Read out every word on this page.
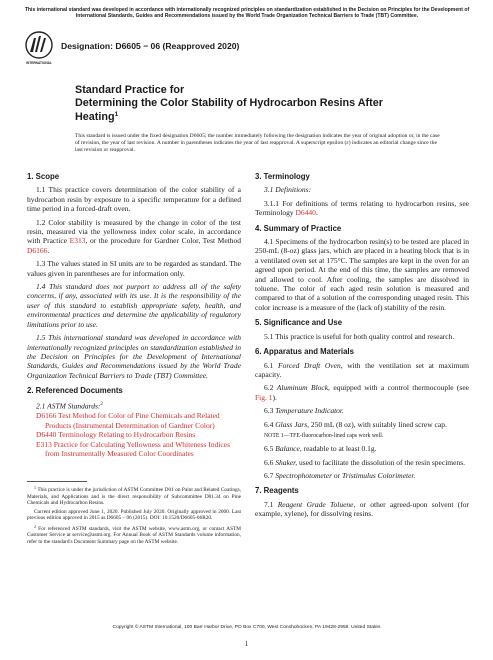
This international standard was developed in accordance with internationally recognized principles on standardization established in the Decision on Principles for the Development of International Standards, Guides and Recommendations issued by the World Trade Organization Technical Barriers to Trade (TBT) Committee.
INTERNATIONAL
Designation: D6605 − 06 (Reapproved 2020)
Standard Practice for
Determining the Color Stability of Hydrocarbon Resins After
Heating$^1$
This standard is issued under the fixed designation D6605; the number immediately following the designation indicates the year of original adoption or, in the case of revision, the year of last revision. A number in parentheses indicates the year of last reapproval. A superscript epsilon (ε) indicates an editorial change since the last revision or reapproval.
1. Scope
1.1 This practice covers determination of the color stability of a hydrocarbon resin by exposure to a specific temperature for a defined time period in a forced-draft oven.
1.2 Color stability is measured by the change in color of the test resin, measured via the yellowness index color scale, in accordance with Practice E313, or the procedure for Gardner Color, Test Method D6166.
1.3 The values stated in SI units are to be regarded as standard. The values given in parentheses are for information only.
1.4 This standard does not purport to address all of the safety concerns, if any, associated with its use. It is the responsibility of the user of this standard to establish appropriate safety, health, and environmental practices and determine the applicability of regulatory limitations prior to use.
1.5 This international standard was developed in accordance with internationally recognized principles on standardization established in the Decision on Principles for the Development of International Standards, Guides and Recommendations issued by the World Trade Organization Technical Barriers to Trade (TBT) Committee.
2. Referenced Documents
2.1 ASTM Standards:$^2$
D6166 Test Method for Color of Pine Chemicals and Related Products (Instrumental Determination of Gardner Color)
D6440 Terminology Relating to Hydrocarbon Resins
E313 Practice for Calculating Yellowness and Whiteness Indices from Instrumentally Measured Color Coordinates
$^1$ This practice is under the jurisdiction of ASTM Committee D01 on Paint and Related Coatings, Materials, and Applications and is the direct responsibility of Subcommittee D01.34 on Pine Chemicals and Hydrocarbon Resins.
Current edition approved June 1, 2020. Published July 2020. Originally approved in 2000. Last previous edition approved in 2015 as D6605 – 06 (2015). DOI: 10.1520/D6605-06R20.
$^2$ For referenced ASTM standards, visit the ASTM website, www.astm.org, or contact ASTM Customer Service at service@astm.org. For Annual Book of ASTM Standards volume information, refer to the standard's Document Summary page on the ASTM website.
3. Terminology
3.1 Definitions:
3.1.1 For definitions of terms relating to hydrocarbon resins, see Terminology D6440.
4. Summary of Practice
4.1 Specimens of the hydrocarbon resin(s) to be tested are placed in 250-mL (8-oz) glass jars, which are placed in a heating block that is in a ventilated oven set at 175°C. The samples are kept in the oven for an agreed upon period. At the end of this time, the samples are removed and allowed to cool. After cooling, the samples are dissolved in toluene. The color of each aged resin solution is measured and compared to that of a solution of the corresponding unaged resin. This color increase is a measure of the (lack of) stability of the resin.
5. Significance and Use
5.1 This practice is useful for both quality control and research.
6. Apparatus and Materials
6.1 Forced Draft Oven, with the ventilation set at maximum capacity.
6.2 Aluminum Block, equipped with a control thermocouple (see Fig. 1).
6.3 Temperature Indicator.
6.4 Glass Jars, 250 mL (8 oz), with suitably lined screw cap.
NOTE 1—TFE-fluorocarbon-lined caps work well.
6.5 Balance, readable to at least 0.1g.
6.6 Shaker, used to facilitate the dissolution of the resin specimens.
6.7 Spectrophotometer or Tristimulus Colorimeter.
7. Reagents
7.1 Reagent Grade Toluene, or other agreed-upon solvent (for example, xylene), for dissolving resins.
Copyright © ASTM International, 100 Barr Harbor Drive, PO Box C700, West Conshohocken, PA 19428-2959. United States
1
